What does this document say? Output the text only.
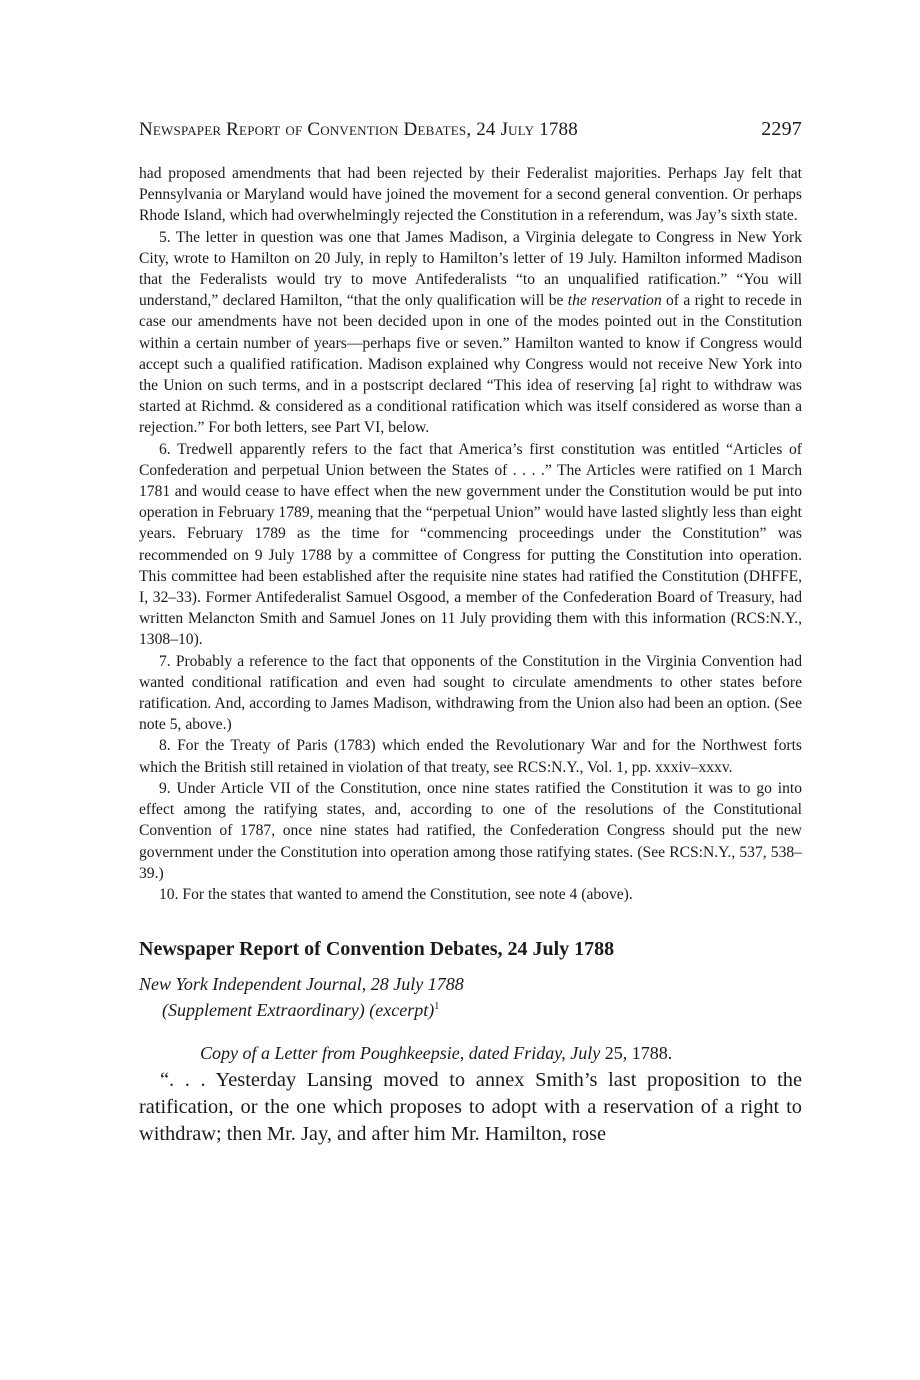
Newspaper Report of Convention Debates, 24 July 1788	2297

had proposed amendments that had been rejected by their Federalist majorities. Perhaps Jay felt that Pennsylvania or Maryland would have joined the movement for a second general convention. Or perhaps Rhode Island, which had overwhelmingly rejected the Constitution in a referendum, was Jay’s sixth state.

5. The letter in question was one that James Madison, a Virginia delegate to Congress in New York City, wrote to Hamilton on 20 July, in reply to Hamilton’s letter of 19 July. Hamilton informed Madison that the Federalists would try to move Antifederalists “to an unqualified ratification.” “You will understand,” declared Hamilton, “that the only qualification will be the reservation of a right to recede in case our amendments have not been decided upon in one of the modes pointed out in the Constitution within a certain number of years—perhaps five or seven.” Hamilton wanted to know if Congress would accept such a qualified ratification. Madison explained why Congress would not receive New York into the Union on such terms, and in a postscript declared “This idea of reserving [a] right to withdraw was started at Richmd. & considered as a conditional ratification which was itself considered as worse than a rejection.” For both letters, see Part VI, below.

6. Tredwell apparently refers to the fact that America’s first constitution was entitled “Articles of Confederation and perpetual Union between the States of . . . .” The Articles were ratified on 1 March 1781 and would cease to have effect when the new government under the Constitution would be put into operation in February 1789, meaning that the “perpetual Union” would have lasted slightly less than eight years. February 1789 as the time for “commencing proceedings under the Constitution” was recommended on 9 July 1788 by a committee of Congress for putting the Constitution into operation. This committee had been established after the requisite nine states had ratified the Constitution (DHFFE, I, 32–33). Former Antifederalist Samuel Osgood, a member of the Confederation Board of Treasury, had written Melancton Smith and Samuel Jones on 11 July providing them with this information (RCS:N.Y., 1308–10).

7. Probably a reference to the fact that opponents of the Constitution in the Virginia Convention had wanted conditional ratification and even had sought to circulate amendments to other states before ratification. And, according to James Madison, withdrawing from the Union also had been an option. (See note 5, above.)

8. For the Treaty of Paris (1783) which ended the Revolutionary War and for the Northwest forts which the British still retained in violation of that treaty, see RCS:N.Y., Vol. 1, pp. xxxiv–xxxv.

9. Under Article VII of the Constitution, once nine states ratified the Constitution it was to go into effect among the ratifying states, and, according to one of the resolutions of the Constitutional Convention of 1787, once nine states had ratified, the Confederation Congress should put the new government under the Constitution into operation among those ratifying states. (See RCS:N.Y., 537, 538–39.)

10. For the states that wanted to amend the Constitution, see note 4 (above).

Newspaper Report of Convention Debates, 24 July 1788
New York Independent Journal, 28 July 1788
(Supplement Extraordinary) (excerpt)$^1$
Copy of a Letter from Poughkeepsie, dated Friday, July 25, 1788.

“. . . Yesterday Lansing moved to annex Smith’s last proposition to the ratification, or the one which proposes to adopt with a reservation of a right to withdraw; then Mr. Jay, and after him Mr. Hamilton, rose
